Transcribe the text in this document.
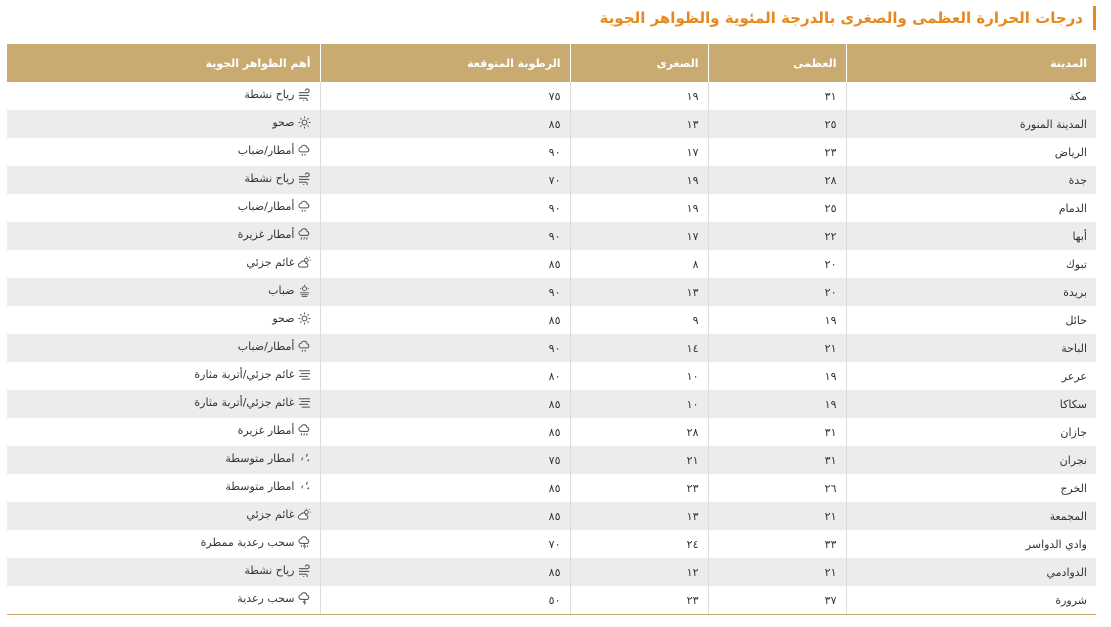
درجات الحرارة العظمى والصغرى بالدرجة المئوية والظواهر الجوية
المدينة	العظمى	الصغرى	الرطوبة المتوقعة	أهم الظواهر الجوية
مكة	٣١	١٩	٧٥	رياح نشطة

المدينة المنورة	٢٥	١٣	٨٥	صحو

الرياض	٢٣	١٧	٩٠	أمطار/ضباب

جدة	٢٨	١٩	٧٠	رياح نشطة

الدمام	٢٥	١٩	٩٠	أمطار/ضباب

أبها	٢٢	١٧	٩٠	أمطار غزيرة

تبوك	٢٠	٨	٨٥	غائم جزئي

بريدة	٢٠	١٣	٩٠	ضباب

حائل	١٩	٩	٨٥	صحو

الباحة	٢١	١٤	٩٠	أمطار/ضباب

عرعر	١٩	١٠	٨٠	غائم جزئي/أتربة مثارة

سكاكا	١٩	١٠	٨٥	غائم جزئي/أتربة مثارة

جازان	٣١	٢٨	٨٥	أمطار غزيرة

نجران	٣١	٢١	٧٥	امطار متوسطة

الخرج	٢٦	٢٣	٨٥	امطار متوسطة

المجمعة	٢١	١٣	٨٥	غائم جزئي

وادي الدواسر	٣٣	٢٤	٧٠	سحب رعدية ممطرة

الدوادمي	٢١	١٢	٨٥	رياح نشطة

شرورة	٣٧	٢٣	٥٠	سحب رعدية
